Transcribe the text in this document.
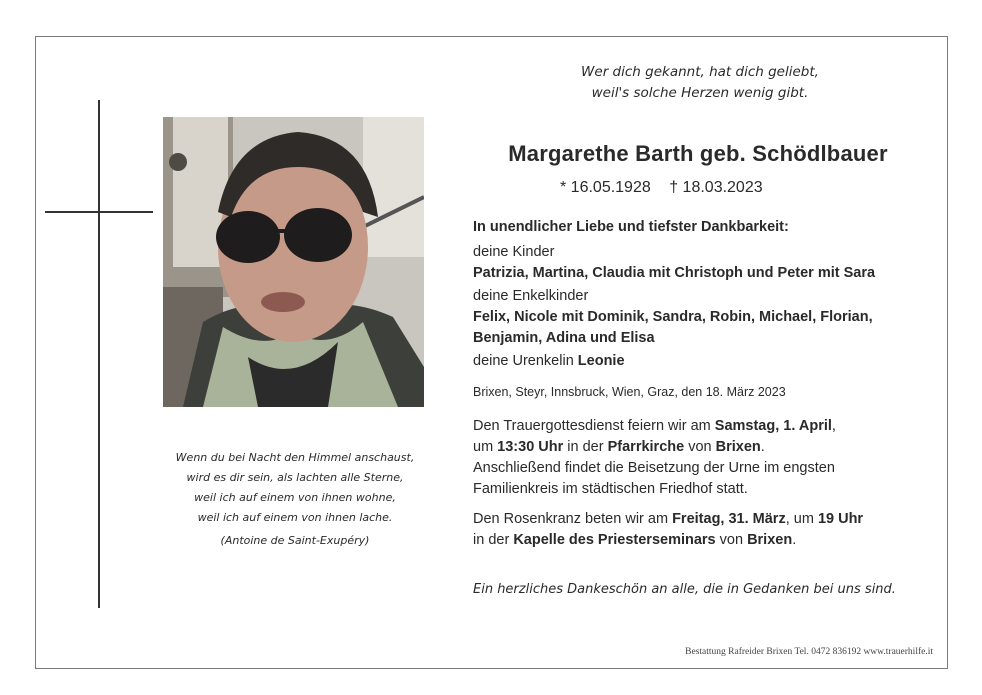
Wer dich gekannt, hat dich geliebt,
weil's solche Herzen wenig gibt.
Margarethe Barth geb. Schödlbauer
* 16.05.1928 † 18.03.2023
In unendlicher Liebe und tiefster Dankbarkeit:
deine Kinder
Patrizia, Martina, Claudia mit Christoph und Peter mit Sara
deine Enkelkinder
Felix, Nicole mit Dominik, Sandra, Robin, Michael, Florian,
Benjamin, Adina und Elisa
deine Urenkelin Leonie
Brixen, Steyr, Innsbruck, Wien, Graz, den 18. März 2023
Den Trauergottesdienst feiern wir am Samstag, 1. April,
um 13:30 Uhr in der Pfarrkirche von Brixen.
Anschließend findet die Beisetzung der Urne im engsten
Familienkreis im städtischen Friedhof statt.
Den Rosenkranz beten wir am Freitag, 31. März, um 19 Uhr
in der Kapelle des Priesterseminars von Brixen.
Ein herzliches Dankeschön an alle, die in Gedanken bei uns sind.
Wenn du bei Nacht den Himmel anschaust,
wird es dir sein, als lachten alle Sterne,
weil ich auf einem von ihnen wohne,
weil ich auf einem von ihnen lache.
(Antoine de Saint-Exupéry)
Bestattung Rafreider Brixen Tel. 0472 836192 www.trauerhilfe.it
